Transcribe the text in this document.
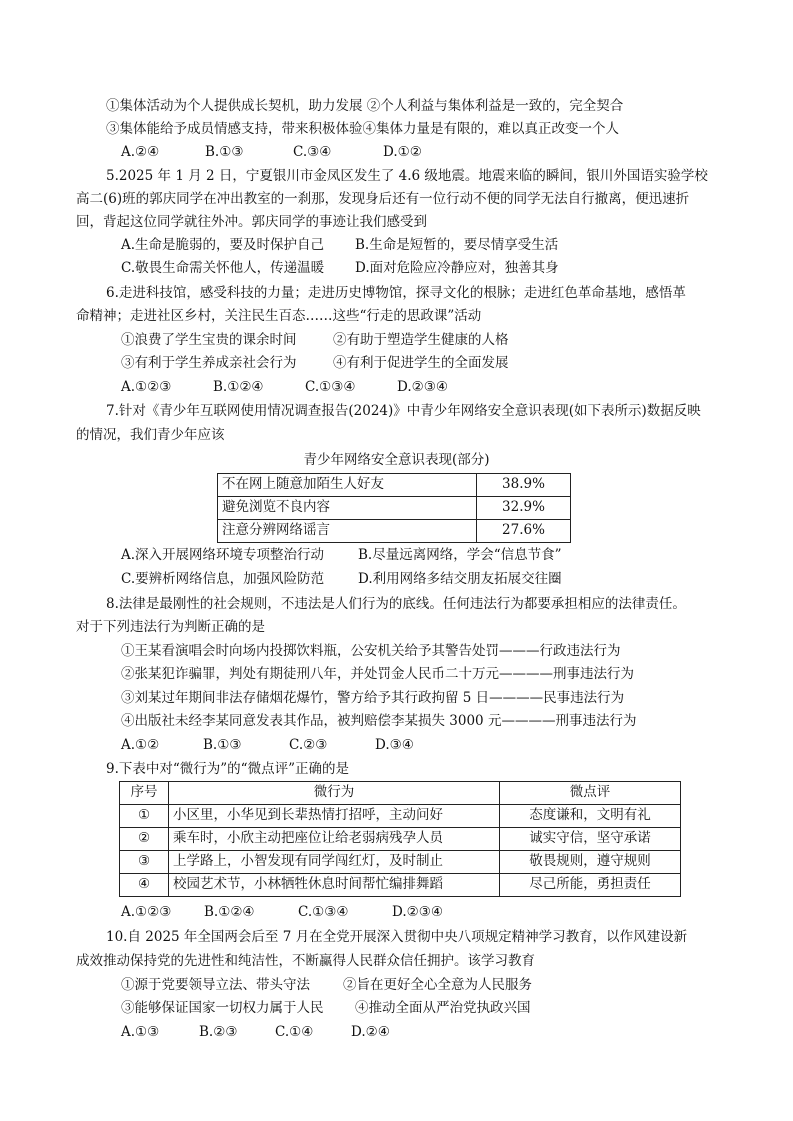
①集体活动为个人提供成长契机，助力发展 ②个人利益与集体利益是一致的，完全契合
③集体能给予成员情感支持，带来积极体验④集体力量是有限的，难以真正改变一个人
A.②④	B.①③	C.③④	D.①②
5.2025 年 1 月 2 日，宁夏银川市金凤区发生了 4.6 级地震。地震来临的瞬间，银川外国语实验学校
高二(6)班的郭庆同学在冲出教室的一刹那，发现身后还有一位行动不便的同学无法自行撤离，便迅速折
回，背起这位同学就往外冲。郭庆同学的事迹让我们感受到
A.生命是脆弱的，要及时保护自己 B.生命是短暂的，要尽情享受生活
C.敬畏生命需关怀他人，传递温暖 D.面对危险应冷静应对，独善其身
6.走进科技馆，感受科技的力量；走进历史博物馆，探寻文化的根脉；走进红色革命基地，感悟革
命精神；走进社区乡村，关注民生百态……这些“行走的思政课”活动
①浪费了学生宝贵的课余时间	②有助于塑造学生健康的人格
③有利于学生养成亲社会行为	④有利于促进学生的全面发展
A.①②③	B.①②④	C.①③④	D.②③④
7.针对《青少年互联网使用情况调查报告(2024)》中青少年网络安全意识表现(如下表所示)数据反映
的情况，我们青少年应该
青少年网络安全意识表现(部分)
不在网上随意加陌生人好友	38.9%
避免浏览不良内容	32.9%
注意分辨网络谣言	27.6%
A.深入开展网络环境专项整治行动	B.尽量远离网络，学会“信息节食”
C.要辨析网络信息，加强风险防范	D.利用网络多结交朋友拓展交往圈
8.法律是最刚性的社会规则，不违法是人们行为的底线。任何违法行为都要承担相应的法律责任。
对于下列违法行为判断正确的是
①王某看演唱会时向场内投掷饮料瓶，公安机关给予其警告处罚———行政违法行为
②张某犯诈骗罪，判处有期徒刑八年，并处罚金人民币二十万元————刑事违法行为
③刘某过年期间非法存储烟花爆竹，警方给予其行政拘留 5 日————民事违法行为
④出版社未经李某同意发表其作品，被判赔偿李某损失 3000 元————刑事违法行为
A.①②	B.①③	C.②③	D.③④
9.下表中对“微行为”的“微点评”正确的是
序号	微行为	微点评
①	小区里，小华见到长辈热情打招呼，主动问好	态度谦和，文明有礼
②	乘车时，小欣主动把座位让给老弱病残孕人员	诚实守信，坚守承诺
③	上学路上，小智发现有同学闯红灯，及时制止	敬畏规则，遵守规则
④	校园艺术节，小林牺牲休息时间帮忙编排舞蹈	尽己所能，勇担责任
A.①②③ B.①②④	C.①③④	D.②③④
10.自 2025 年全国两会后至 7 月在全党开展深入贯彻中央八项规定精神学习教育，以作风建设新
成效推动保持党的先进性和纯洁性，不断赢得人民群众信任拥护。该学习教育
①源于党要领导立法、带头守法 ②旨在更好全心全意为人民服务
③能够保证国家一切权力属于人民 ④推动全面从严治党执政兴国
A.①③	B.②③	C.①④	D.②④
